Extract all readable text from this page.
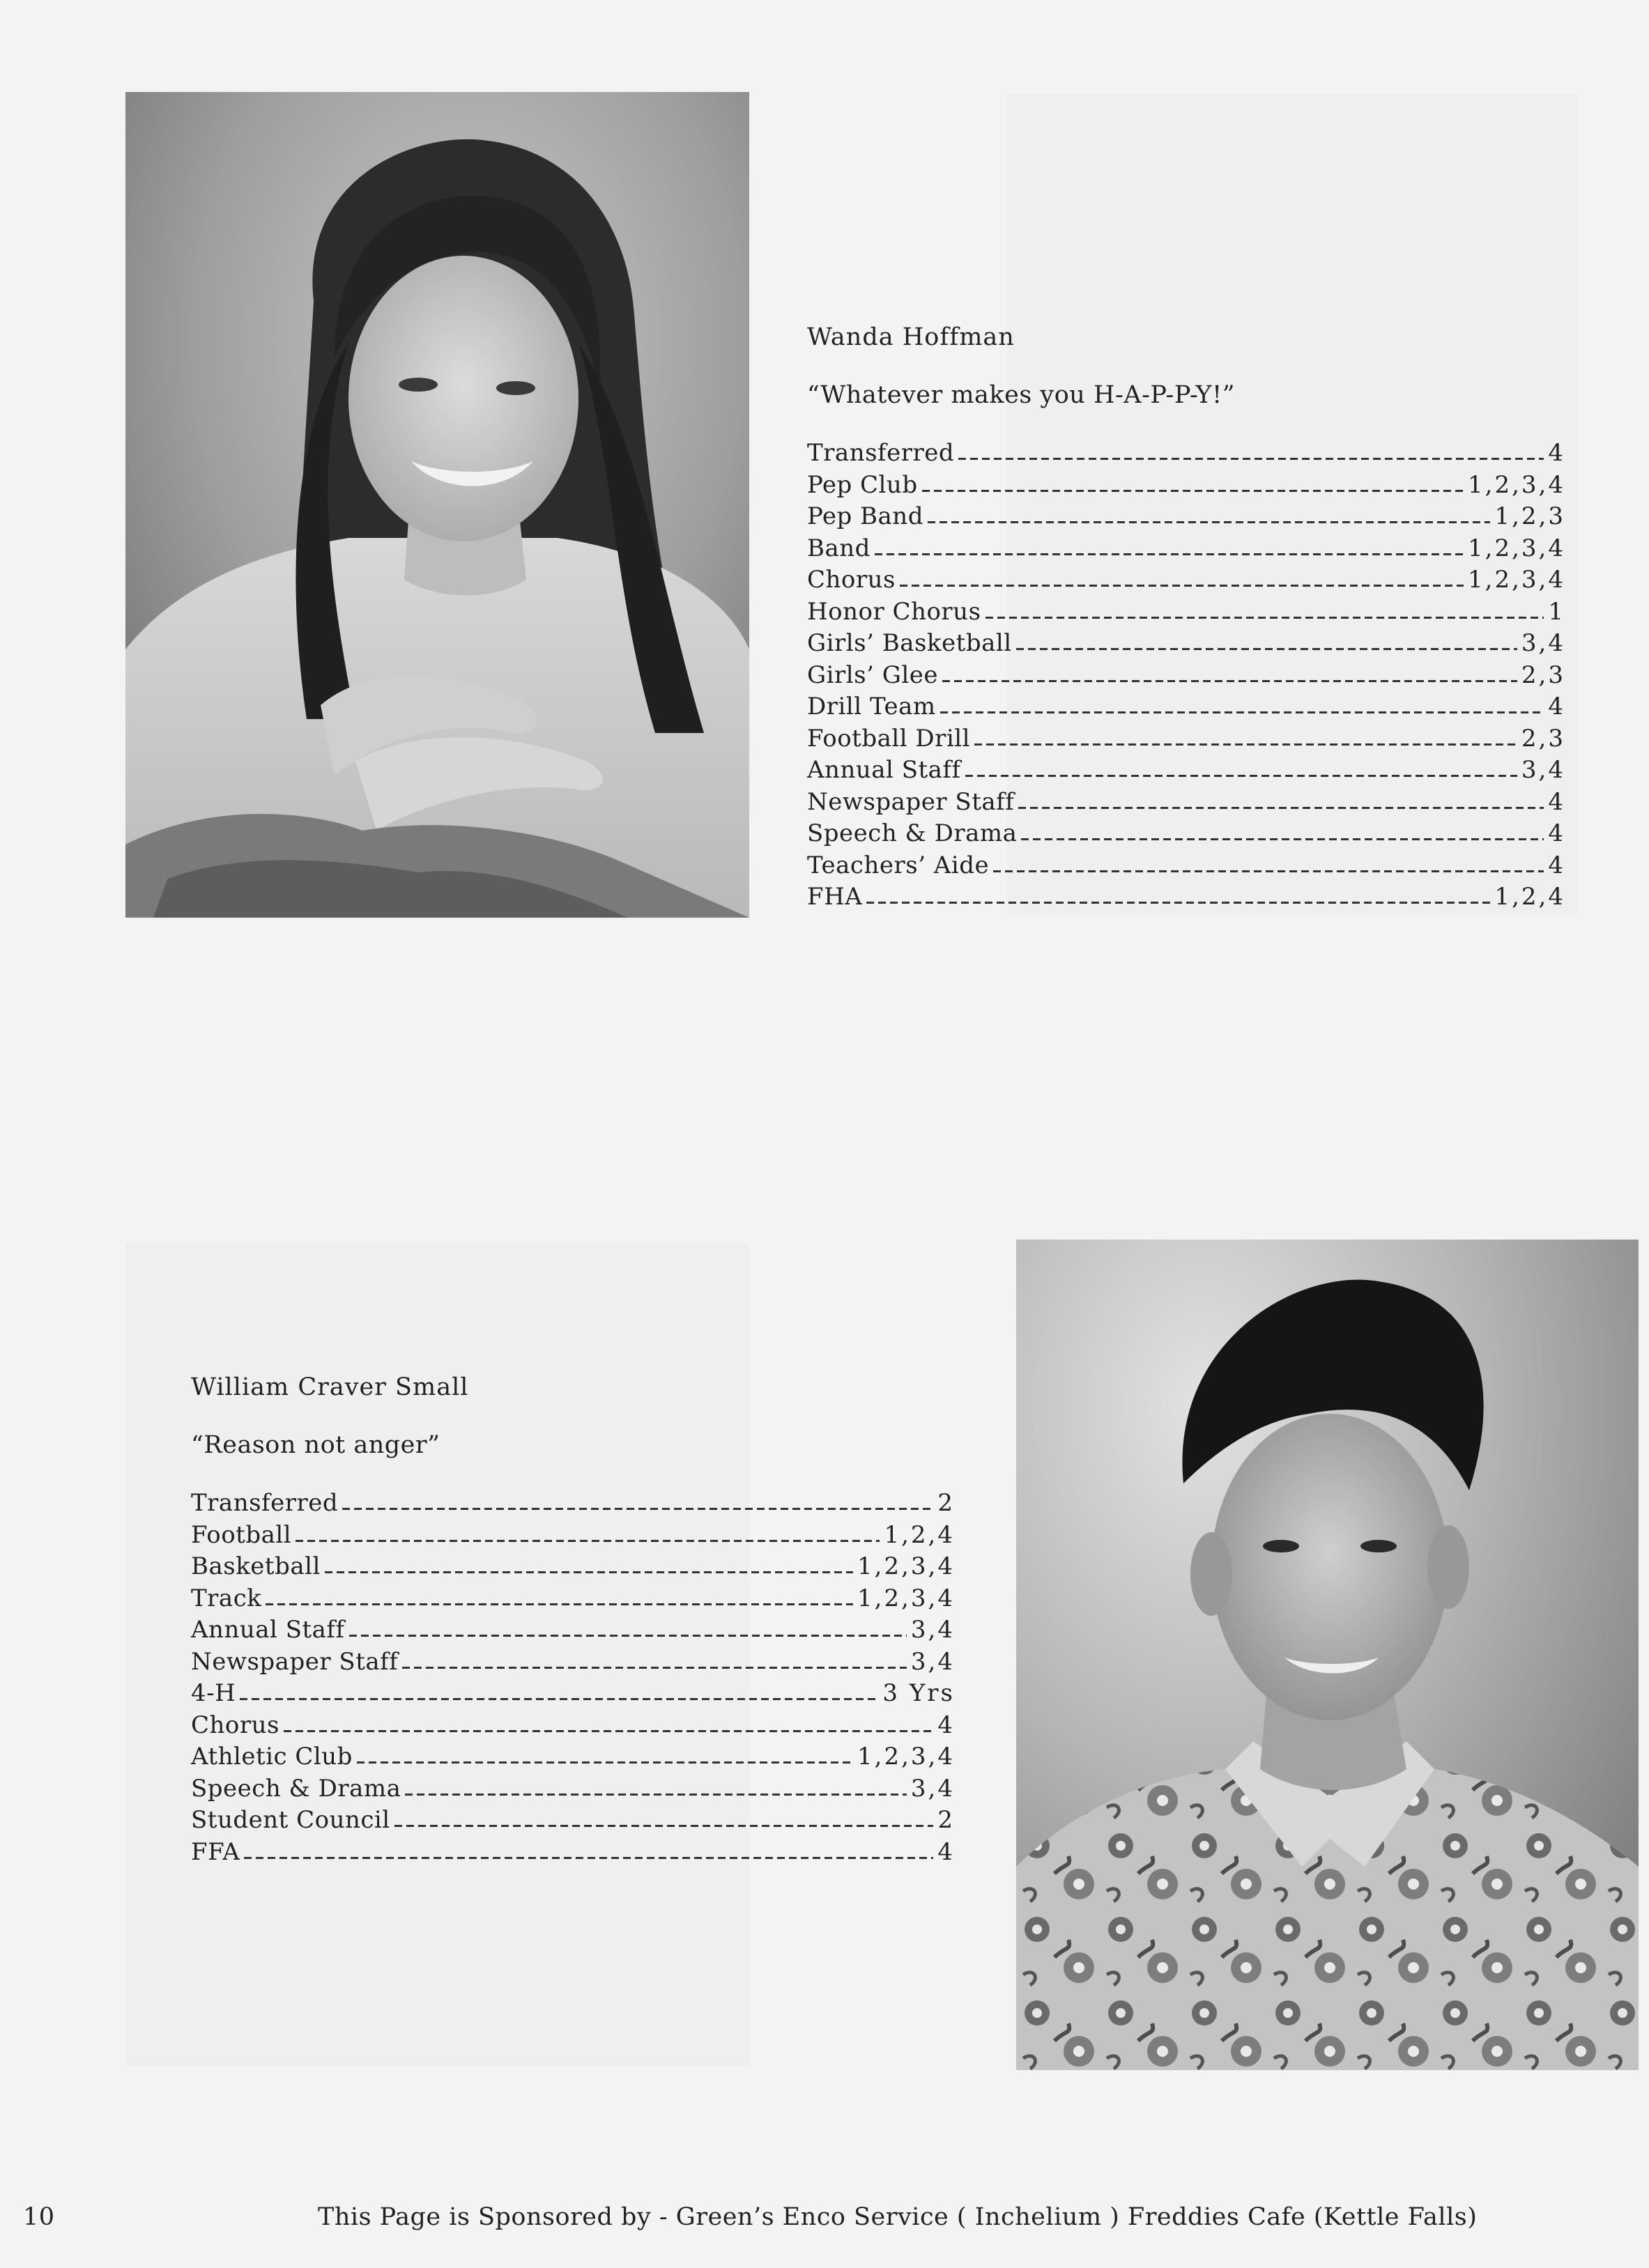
Wanda Hoffman

“Whatever makes you H-A-P-P-Y!”

Transferred	4
Pep Club	1,2,3,4
Pep Band	1,2,3
Band	1,2,3,4
Chorus	1,2,3,4
Honor Chorus	1
Girls’ Basketball	3,4
Girls’ Glee	2,3
Drill Team	4
Football Drill	2,3
Annual Staff	3,4
Newspaper Staff	4
Speech & Drama	4
Teachers’ Aide	4
FHA	1,2,4
William Craver Small

“Reason not anger”

Transferred	2
Football	1,2,4
Basketball	1,2,3,4
Track	1,2,3,4
Annual Staff	3,4
Newspaper Staff	3,4
4-H	3 Yrs
Chorus	4
Athletic Club	1,2,3,4
Speech & Drama	3,4
Student Council	2
FFA	4
10	This Page is Sponsored by - Green’s Enco Service ( Inchelium ) Freddies Cafe (Kettle Falls)
